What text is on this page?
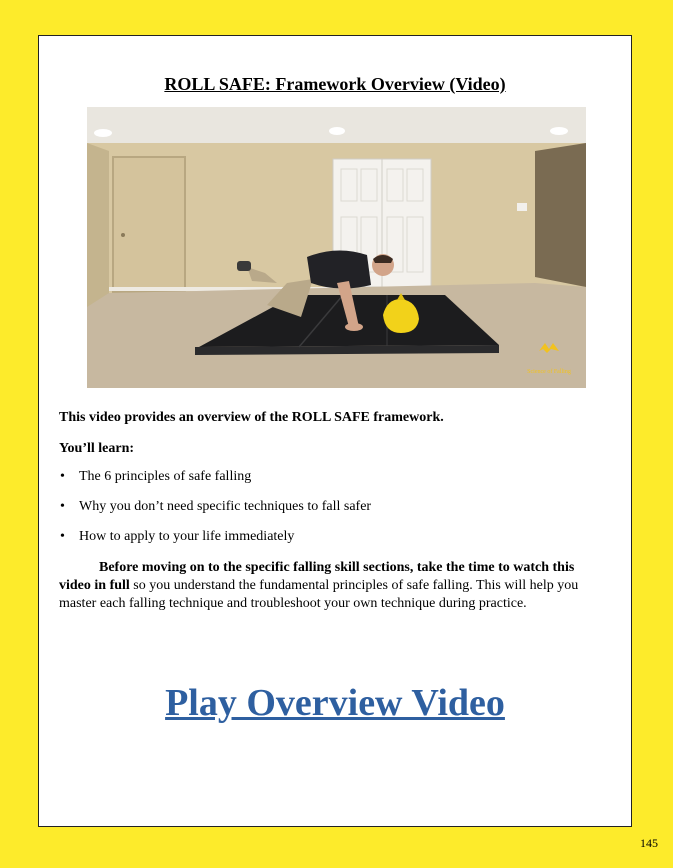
ROLL SAFE: Framework Overview (Video)
Science of Falling

This video provides an overview of the ROLL SAFE framework.

You’ll learn:

• The 6 principles of safe falling
• Why you don’t need specific techniques to fall safer
• How to apply to your life immediately

Before moving on to the specific falling skill sections, take the time to watch this video in full so you understand the fundamental principles of safe falling. This will help you master each falling technique and troubleshoot your own technique during practice.

Play Overview Video
145
